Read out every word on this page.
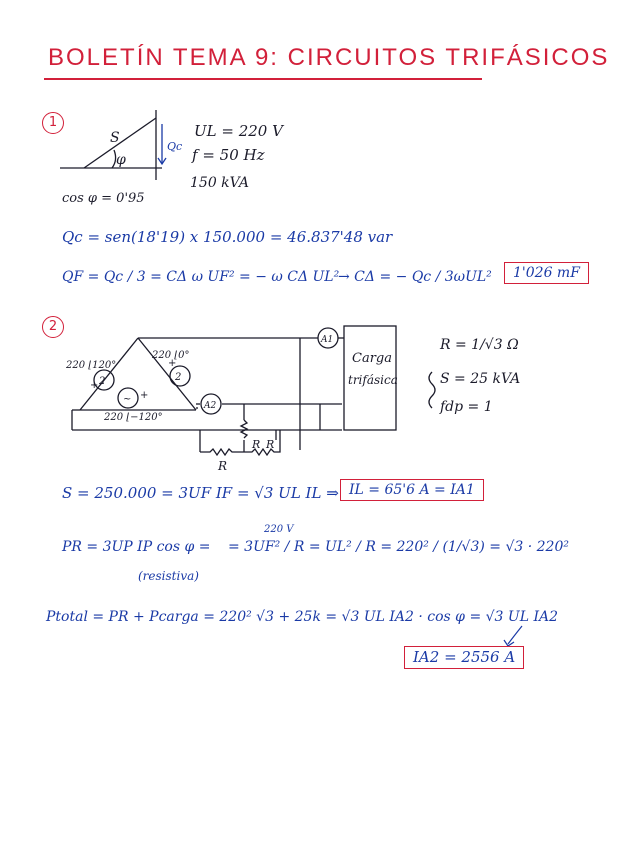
BOLETÍN TEMA 9: CIRCUITOS TRIFÁSICOS
1
S
φ
Qc
UL = 220 V
f = 50 Hz
150 kVA
cos φ = 0'95
Qc = sen(18'19) x 150.000 = 46.837'48 var
QF = Qc / 3 = CΔ ω UF² = − ω CΔ UL²
→ CΔ = − Qc / 3ωUL²	1'026 mF
2
2	2
~
+
+
+
220 ⌊120°
220 ⌊0°
220 ⌊−120°
A1
A2
Carga
trifásica
R
R R
R = 1/√3 Ω
S = 25 kVA
fdp = 1
S = 250.000 = 3UF IF = √3 UL IL ⇒ IL = 65'6 A = IA1
220 V
PR = 3UP IP cos φ = = 3UF² / R = UL² / R = 220² / (1/√3) = √3 · 220²
(resistiva)
Ptotal = PR + Pcarga = 220² √3 + 25k = √3 UL IA2 · cos φ = √3 UL IA2
IA2 = 2556 A
